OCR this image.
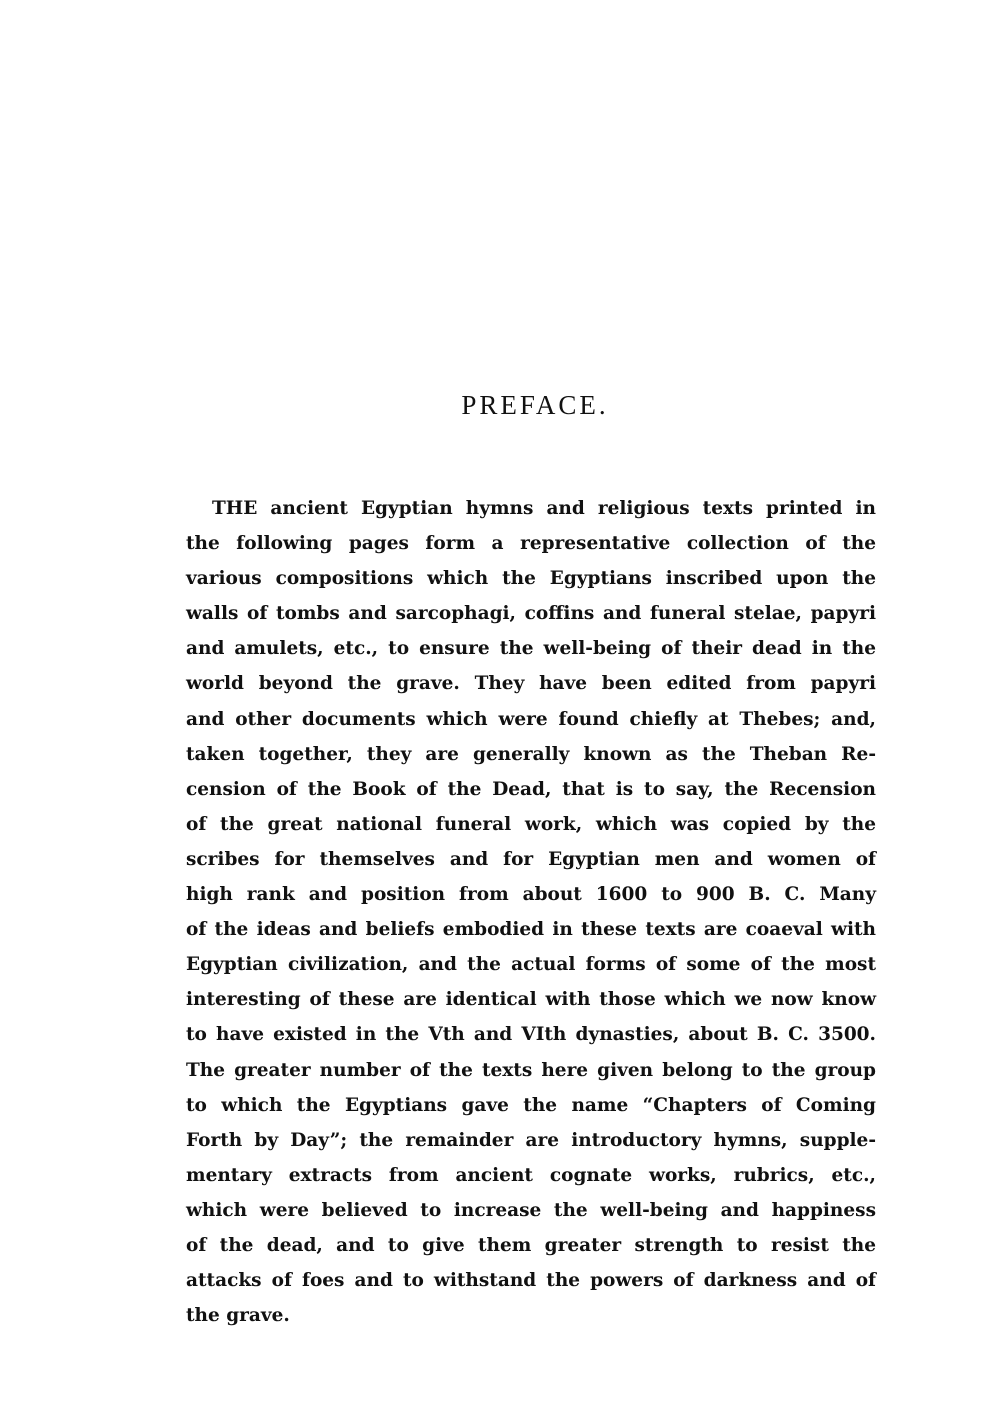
PREFACE.
THE ancient Egyptian hymns and religious texts printed in
the following pages form a representative collection of the
various compositions which the Egyptians inscribed upon the
walls of tombs and sarcophagi, coffins and funeral stelae, papyri
and amulets, etc., to ensure the well-being of their dead in the
world beyond the grave. They have been edited from papyri
and other documents which were found chiefly at Thebes; and,
taken together, they are generally known as the Theban Re-
cension of the Book of the Dead, that is to say, the Recension
of the great national funeral work, which was copied by the
scribes for themselves and for Egyptian men and women of
high rank and position from about 1600 to 900 B. C. Many
of the ideas and beliefs embodied in these texts are coaeval with
Egyptian civilization, and the actual forms of some of the most
interesting of these are identical with those which we now know
to have existed in the Vth and VIth dynasties, about B. C. 3500.
The greater number of the texts here given belong to the group
to which the Egyptians gave the name “Chapters of Coming
Forth by Day”; the remainder are introductory hymns, supple-
mentary extracts from ancient cognate works, rubrics, etc.,
which were believed to increase the well-being and happiness
of the dead, and to give them greater strength to resist the
attacks of foes and to withstand the powers of darkness and of
the grave.
